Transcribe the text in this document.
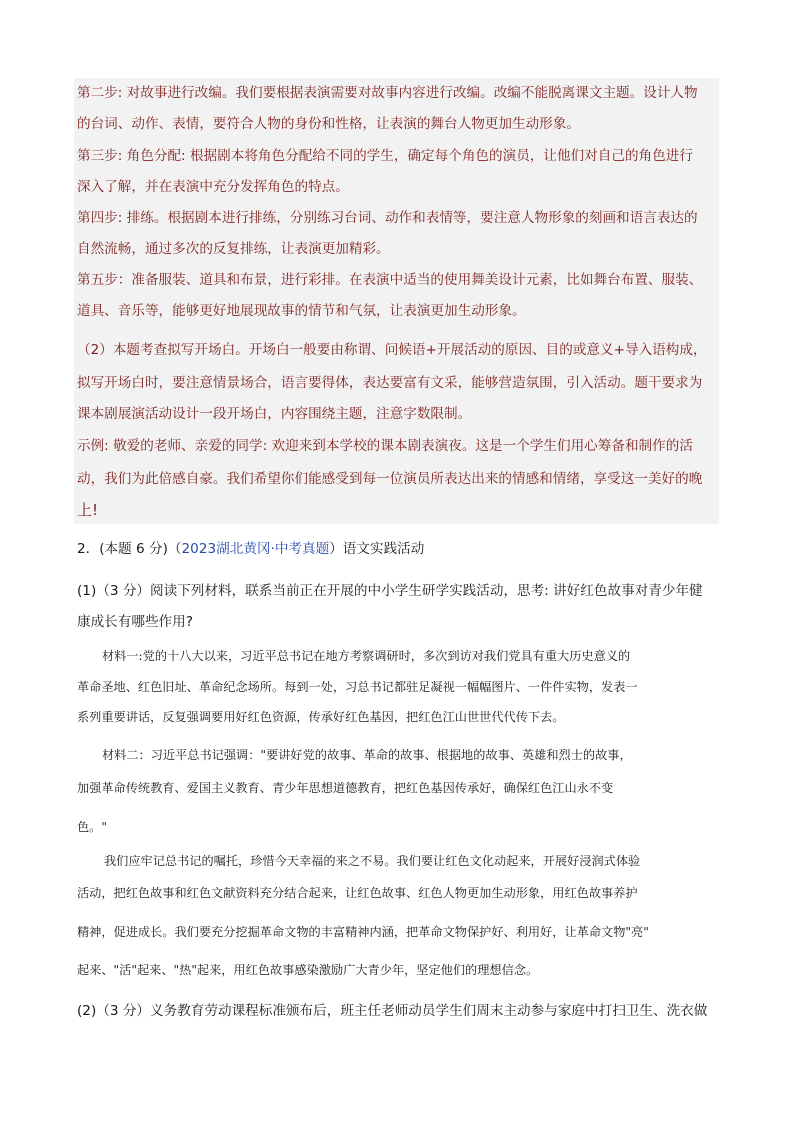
第二步: 对故事进行改编。我们要根据表演需要对故事内容进行改编。改编不能脱离课文主题。设计人物

的台词、动作、表情，要符合人物的身份和性格，让表演的舞台人物更加生动形象。

第三步: 角色分配: 根据剧本将角色分配给不同的学生，确定每个角色的演员，让他们对自己的角色进行

深入了解，并在表演中充分发挥角色的特点。

第四步: 排练。根据剧本进行排练，分别练习台词、动作和表情等，要注意人物形象的刻画和语言表达的

自然流畅，通过多次的反复排练，让表演更加精彩。

第五步：准备服装、道具和布景，进行彩排。在表演中适当的使用舞美设计元素，比如舞台布置、服装、

道具、音乐等，能够更好地展现故事的情节和气氛，让表演更加生动形象。

（2）本题考查拟写开场白。开场白一般要由称谓、问候语+开展活动的原因、目的或意义+导入语构成，

拟写开场白时，要注意情景场合，语言要得体，表达要富有文采，能够营造氛围，引入活动。题干要求为

课本剧展演活动设计一段开场白，内容围绕主题，注意字数限制。

示例: 敬爱的老师、亲爱的同学: 欢迎来到本学校的课本剧表演夜。这是一个学生们用心筹备和制作的活

动，我们为此倍感自豪。我们希望你们能感受到每一位演员所表达出来的情感和情绪，享受这一美好的晚

上!

2．(本题 6 分)（2023湖北黄冈·中考真题）语文实践活动

(1)（3 分）阅读下列材料，联系当前正在开展的中小学生研学实践活动，思考: 讲好红色故事对青少年健

康成长有哪些作用?

材料一:党的十八大以来，习近平总书记在地方考察调研时，多次到访对我们党具有重大历史意义的

革命圣地、红色旧址、革命纪念场所。每到一处，习总书记都驻足凝视一幅幅图片、一件件实物，发表一

系列重要讲话，反复强调要用好红色资源，传承好红色基因，把红色江山世世代代传下去。

材料二：习近平总书记强调："要讲好党的故事、革命的故事、根据地的故事、英雄和烈士的故事，

加强革命传统教育、爱国主义教育、青少年思想道德教育，把红色基因传承好，确保红色江山永不变

色。"

我们应牢记总书记的嘱托，珍惜今天幸福的来之不易。我们要让红色文化动起来，开展好浸润式体验

活动，把红色故事和红色文献资料充分结合起来，让红色故事、红色人物更加生动形象，用红色故事养护

精神，促进成长。我们要充分挖掘革命文物的丰富精神内涵，把革命文物保护好、利用好，让革命文物"亮"

起来、"活"起来、"热"起来，用红色故事感染激励广大青少年，坚定他们的理想信念。

(2)（3 分）义务教育劳动课程标准颁布后，班主任老师动员学生们周末主动参与家庭中打扫卫生、洗衣做
